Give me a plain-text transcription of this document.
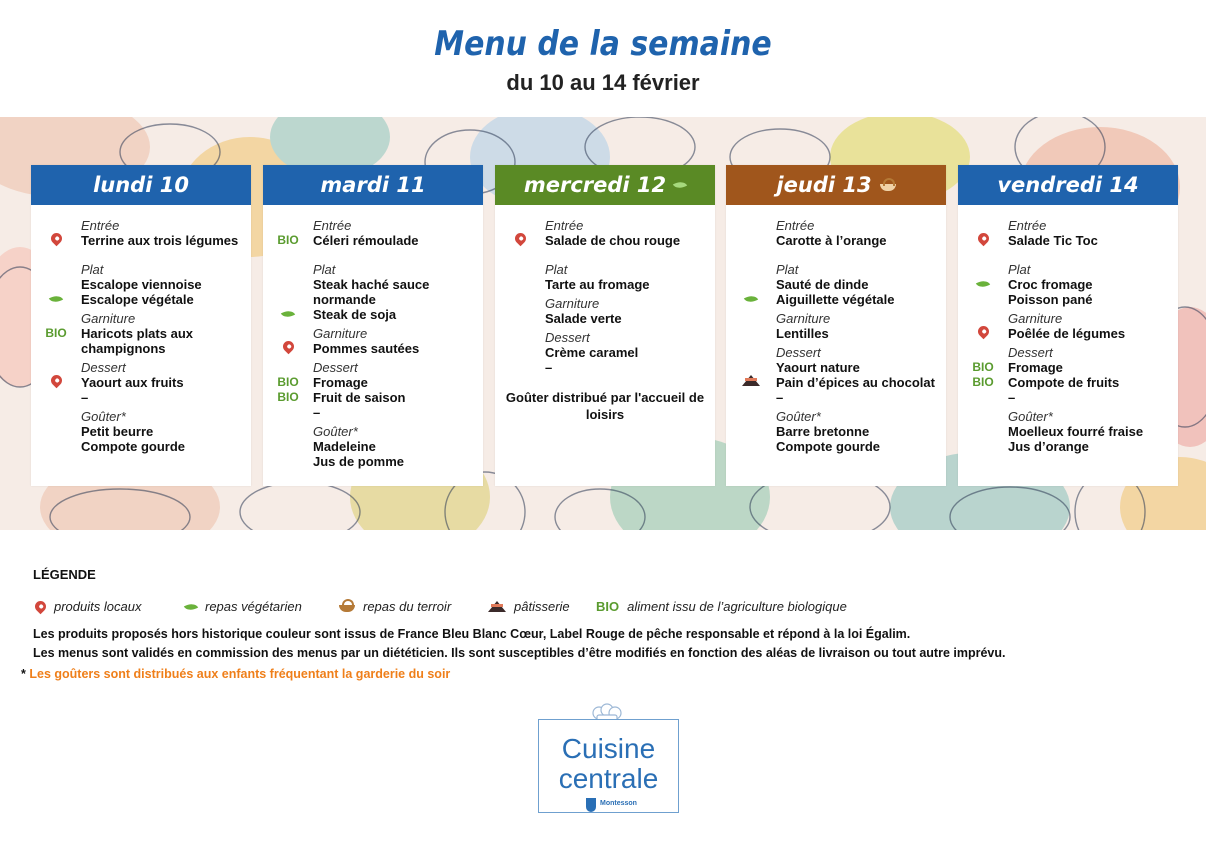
Menu de la semaine
du 10 au 14 février
lundi 10
Entrée
Terrine aux trois légumes
Plat
Escalope viennoise
Escalope végétale
Garniture
BIO	Haricots plats aux champignons
Dessert
Yaourt aux fruits
–
Goûter*
Petit beurre
Compote gourde
mardi 11
Entrée
BIO	Céleri rémoulade
Plat
Steak haché sauce normande
Steak de soja
Garniture
Pommes sautées
Dessert
BIO	Fromage
BIO	Fruit de saison
–
Goûter*
Madeleine
Jus de pomme
mercredi 12
Entrée
Salade de chou rouge
Plat
Tarte au fromage
Garniture
Salade verte
Dessert
Crème caramel
–
Goûter distribué par l'accueil de loisirs
jeudi 13
Entrée
Carotte à l’orange
Plat
Sauté de dinde
Aiguillette végétale
Garniture
Lentilles
Dessert
Yaourt nature
Pain d’épices au chocolat
–
Goûter*
Barre bretonne
Compote gourde
vendredi 14
Entrée
Salade Tic Toc
Plat
Croc fromage
Poisson pané
Garniture
Poêlée de légumes
Dessert
BIO	Fromage
BIO	Compote de fruits
–
Goûter*
Moelleux fourré fraise
Jus d’orange
LÉGENDE
produits locaux	repas végétarien	repas du terroir	pâtisserie BIO aliment issu de l’agriculture biologique
Les produits proposés hors historique couleur sont issus de France Bleu Blanc Cœur, Label Rouge de pêche responsable et répond à la loi Égalim.
Les menus sont validés en commission des menus par un diététicien. Ils sont susceptibles d’être modifiés en fonction des aléas de livraison ou tout autre imprévu.
* Les goûters sont distribués aux enfants fréquentant la garderie du soir
Cuisine
centrale
Montesson
